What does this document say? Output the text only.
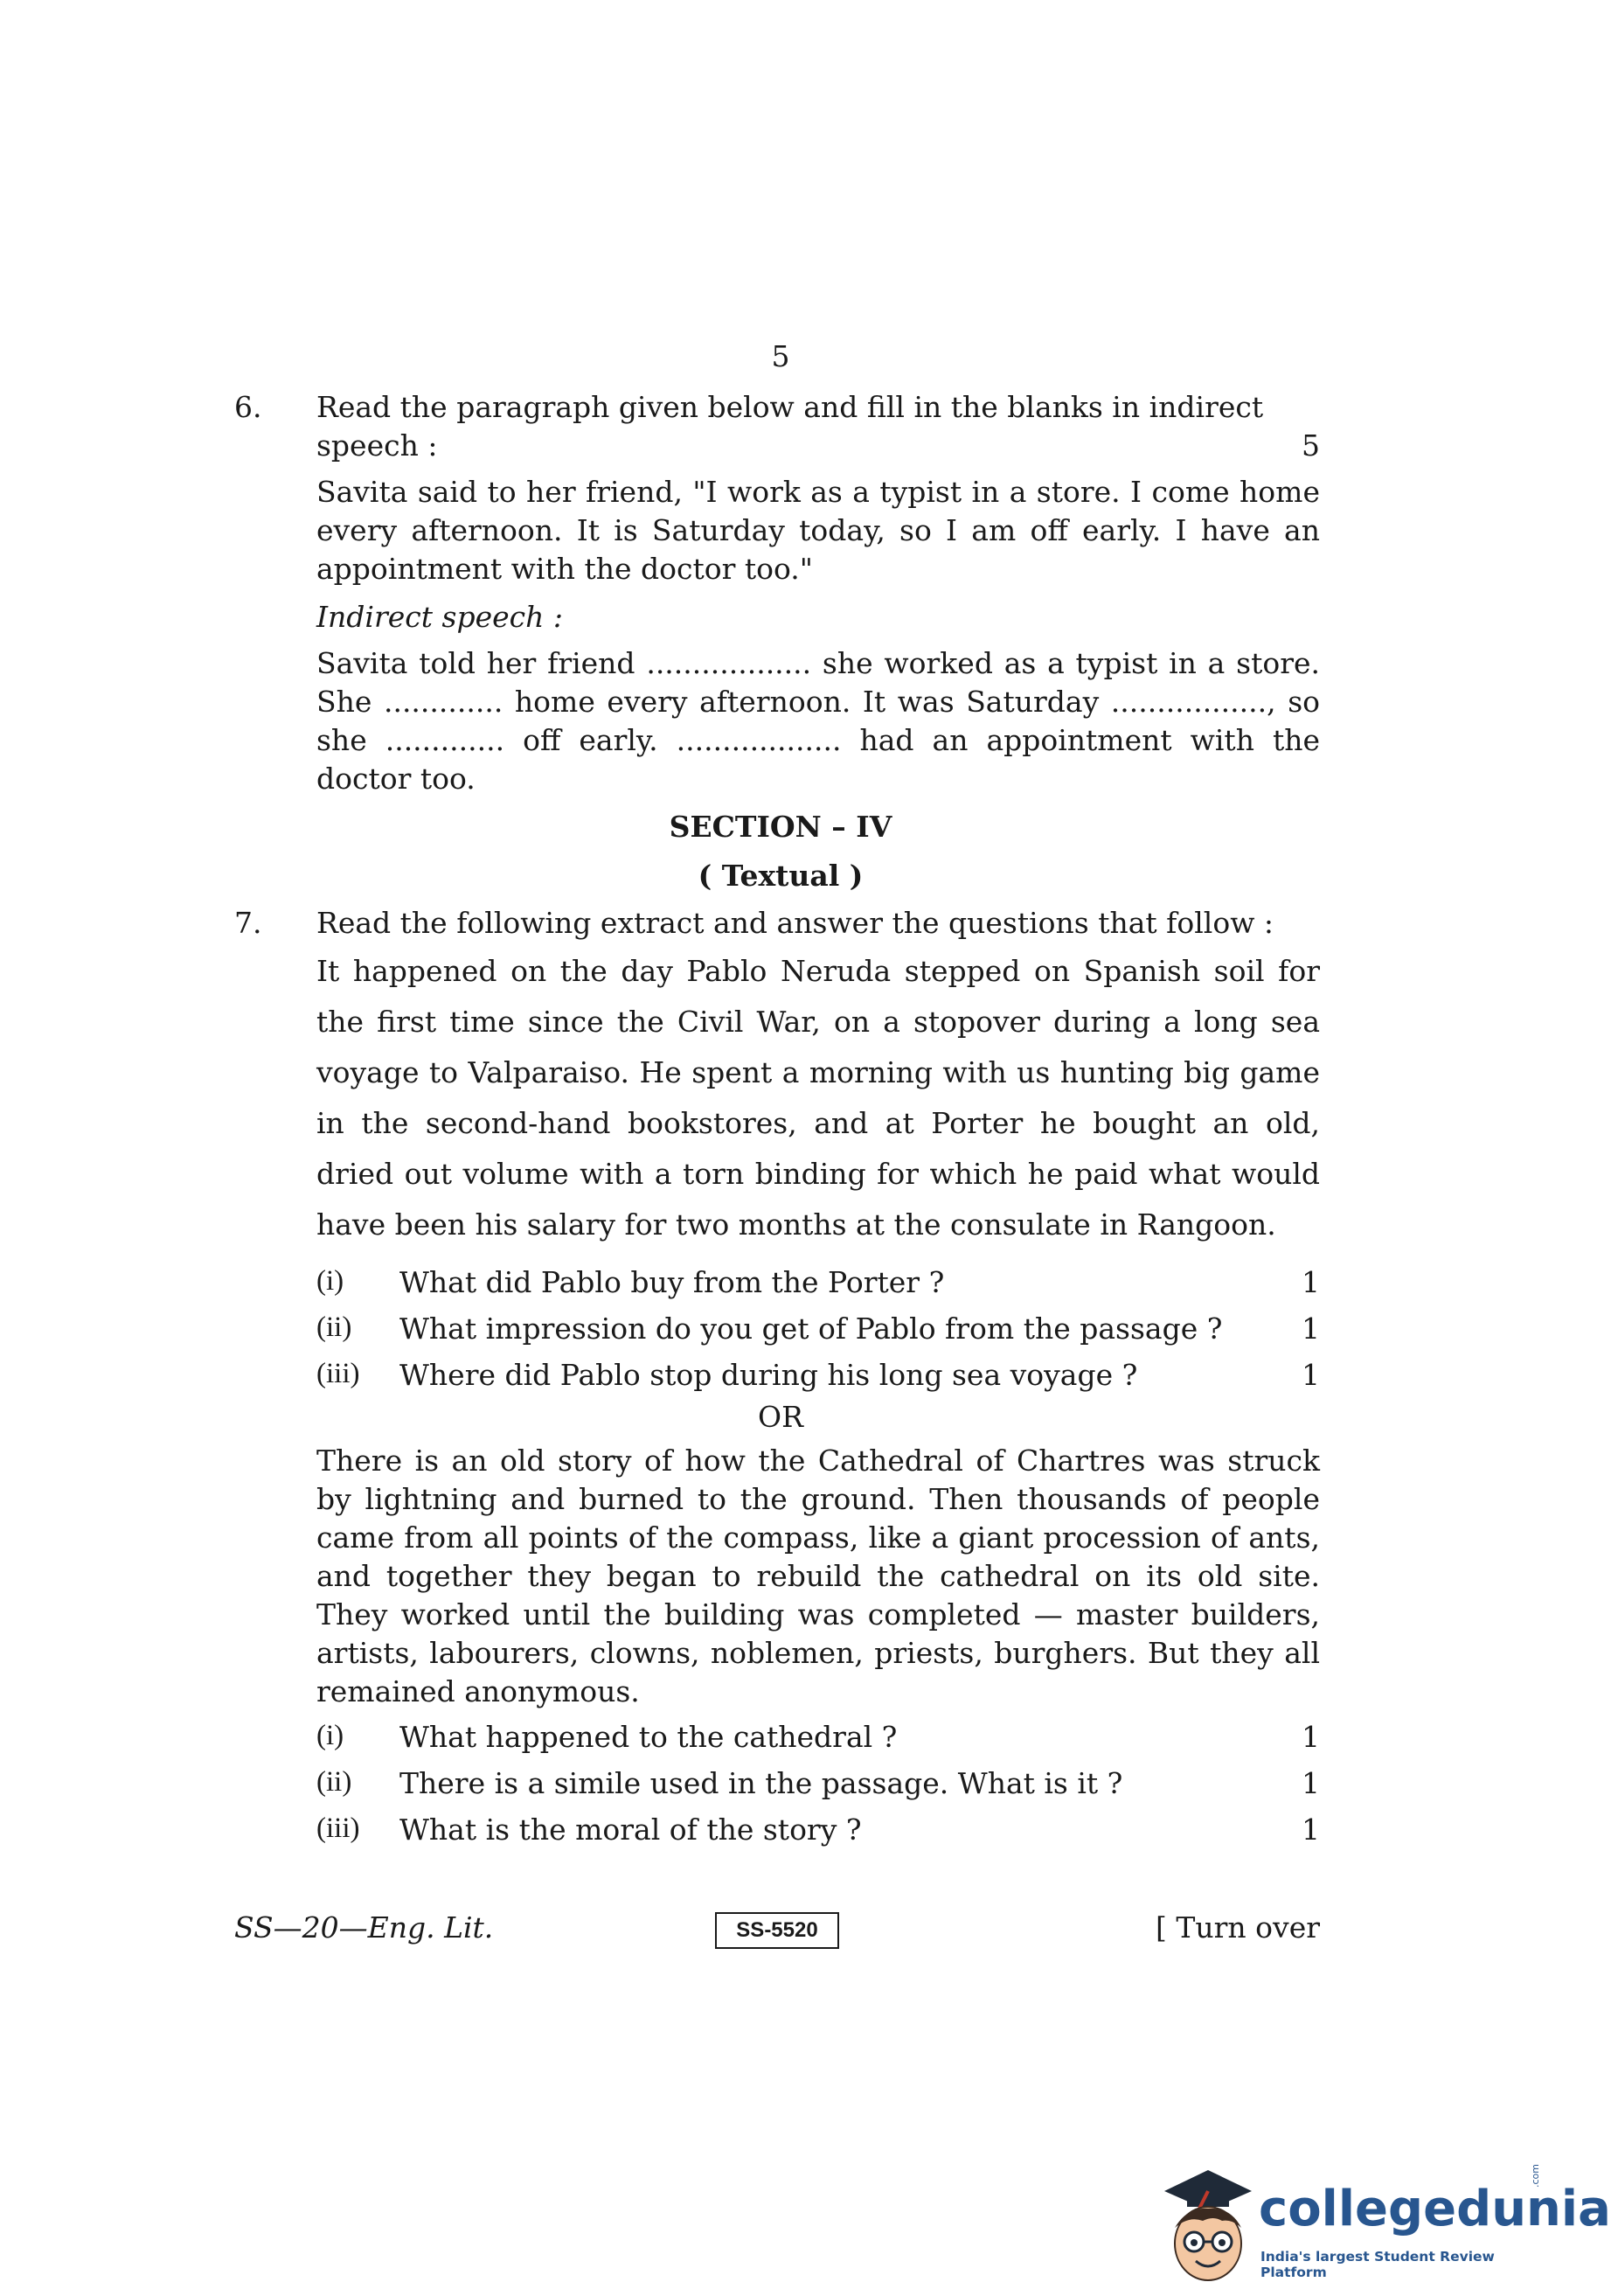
5
6. Read the paragraph given below and fill in the blanks in indirect
speech :	5
Savita said to her friend, "I work as a typist in a store. I come home every afternoon. It is Saturday today, so I am off early. I have an appointment with the doctor too."
Indirect speech :
Savita told her friend .................. she worked as a typist in a store. She ............. home every afternoon. It was Saturday ................., so she ............. off early. .................. had an appointment with the doctor too.
SECTION – IV
( Textual )
7. Read the following extract and answer the questions that follow :
It happened on the day Pablo Neruda stepped on Spanish soil for the first time since the Civil War, on a stopover during a long sea voyage to Valparaiso. He spent a morning with us hunting big game in the second-hand bookstores, and at Porter he bought an old, dried out volume with a torn binding for which he paid what would have been his salary for two months at the consulate in Rangoon.
(i) What did Pablo buy from the Porter ?	1
(ii) What impression do you get of Pablo from the passage ?	1
(iii) Where did Pablo stop during his long sea voyage ?	1
OR
There is an old story of how the Cathedral of Chartres was struck by lightning and burned to the ground. Then thousands of people came from all points of the compass, like a giant procession of ants, and together they began to rebuild the cathedral on its old site. They worked until the building was completed — master builders, artists, labourers, clowns, noblemen, priests, burghers. But they all remained anonymous.
(i) What happened to the cathedral ?	1
(ii) There is a simile used in the passage. What is it ?	1
(iii) What is the moral of the story ?	1
SS—20—Eng. Lit.	SS-5520	[ Turn over
collegedunia
.com
India's largest Student Review Platform
